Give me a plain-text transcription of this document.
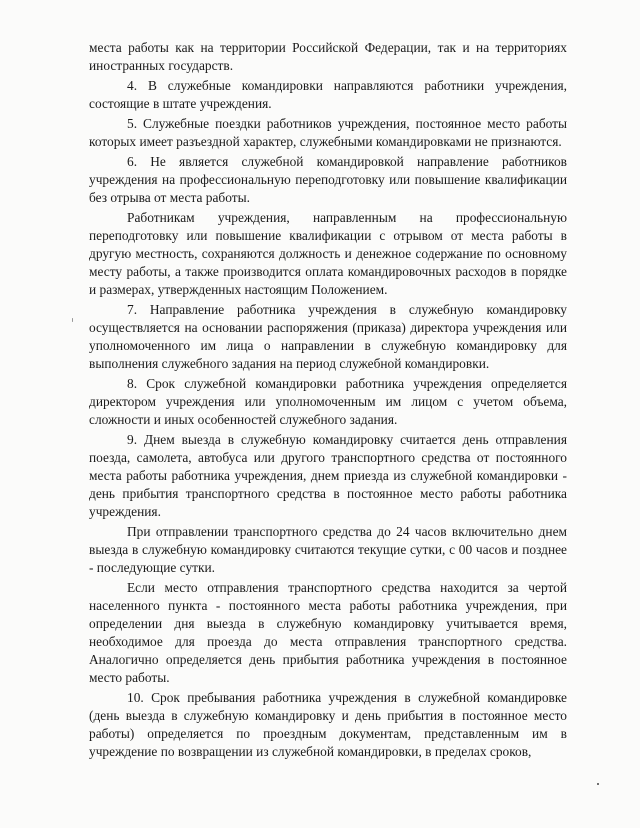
места работы как на территории Российской Федерации, так и на территориях иностранных государств.

4. В служебные командировки направляются работники учреждения, состоящие в штате учреждения.

5. Служебные поездки работников учреждения, постоянное место работы которых имеет разъездной характер, служебными командировками не признаются.

6. Не является служебной командировкой направление работников учреждения на профессиональную переподготовку или повышение квалификации без отрыва от места работы.

Работникам учреждения, направленным на профессиональную переподготовку или повышение квалификации с отрывом от места работы в другую местность, сохраняются должность и денежное содержание по основному месту работы, а также производится оплата командировочных расходов в порядке и размерах, утвержденных настоящим Положением.

7. Направление работника учреждения в служебную командировку осуществляется на основании распоряжения (приказа) директора учреждения или уполномоченного им лица о направлении в служебную командировку для выполнения служебного задания на период служебной командировки.

8. Срок служебной командировки работника учреждения определяется директором учреждения или уполномоченным им лицом с учетом объема, сложности и иных особенностей служебного задания.

9. Днем выезда в служебную командировку считается день отправления поезда, самолета, автобуса или другого транспортного средства от постоянного места работы работника учреждения, днем приезда из служебной командировки - день прибытия транспортного средства в постоянное место работы работника учреждения.

При отправлении транспортного средства до 24 часов включительно днем выезда в служебную командировку считаются текущие сутки, с 00 часов и позднее - последующие сутки.

Если место отправления транспортного средства находится за чертой населенного пункта - постоянного места работы работника учреждения, при определении дня выезда в служебную командировку учитывается время, необходимое для проезда до места отправления транспортного средства. Аналогично определяется день прибытия работника учреждения в постоянное место работы.

10. Срок пребывания работника учреждения в служебной командировке (день выезда в служебную командировку и день прибытия в постоянное место работы) определяется по проездным документам, представленным им в учреждение по возвращении из служебной командировки, в пределах сроков,
